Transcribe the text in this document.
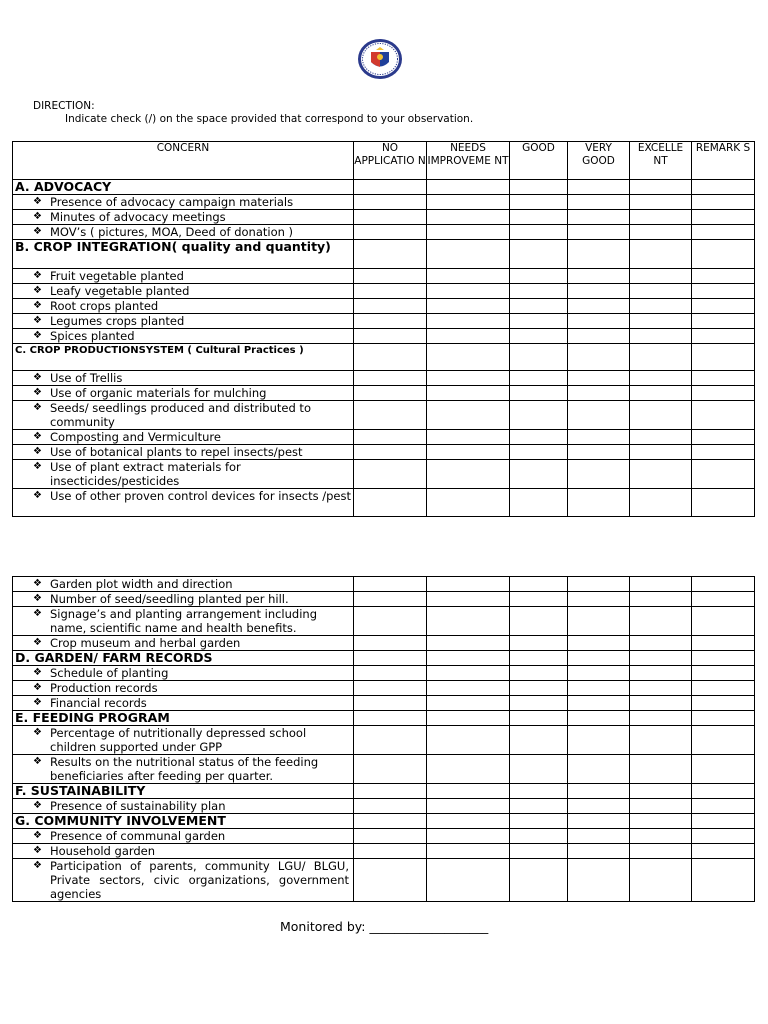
DIRECTION:
Indicate check (/) on the space provided that correspond to your observation.
CONCERN	NO APPLICATIO N	NEEDS IMPROVEME NT	GOOD	VERY GOOD	EXCELLE NT	REMARK S
A. ADVOCACY						

❖ Presence of advocacy campaign materials						

❖ Minutes of advocacy meetings						

❖ MOV’s ( pictures, MOA, Deed of donation )						

B. CROP INTEGRATION( quality and quantity)						

❖ Fruit vegetable planted						

❖ Leafy vegetable planted						

❖ Root crops planted						

❖ Legumes crops planted						

❖ Spices planted						

C. CROP PRODUCTIONSYSTEM ( Cultural Practices )						

❖ Use of Trellis						

❖ Use of organic materials for mulching						

❖ Seeds/ seedlings produced and distributed to community						

❖ Composting and Vermiculture						

❖ Use of botanical plants to repel insects/pest						

❖ Use of plant extract materials for insecticides/pesticides						

❖ Use of other proven control devices for insects /pest						

❖ Garden plot width and direction						

❖ Number of seed/seedling planted per hill.						

❖ Signage’s and planting arrangement including name, scientific name and health benefits.						

❖ Crop museum and herbal garden						

D. GARDEN/ FARM RECORDS						

❖ Schedule of planting						

❖ Production records						

❖ Financial records						

E. FEEDING PROGRAM						

❖ Percentage of nutritionally depressed school children supported under GPP						

❖ Results on the nutritional status of the feeding beneficiaries after feeding per quarter.						

F. SUSTAINABILITY						

❖ Presence of sustainability plan						

G. COMMUNITY INVOLVEMENT						

❖ Presence of communal garden						

❖ Household garden						

❖ Participation of parents, community LGU/ BLGU, Private sectors, civic organizations, government agencies						

Monitored by: ___________________
